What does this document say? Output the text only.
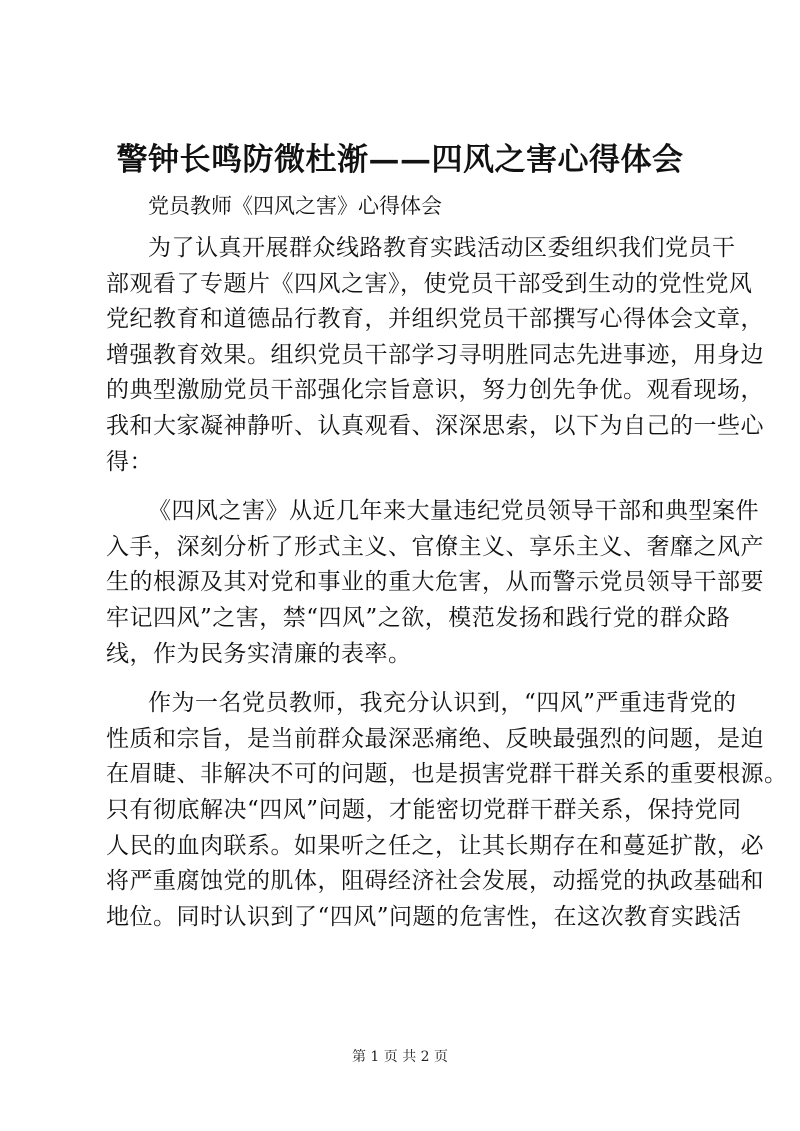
警钟长鸣防微杜渐——四风之害心得体会
党员教师《四风之害》心得体会
为了认真开展群众线路教育实践活动区委组织我们党员干
部观看了专题片《四风之害》，使党员干部受到生动的党性党风
党纪教育和道德品行教育，并组织党员干部撰写心得体会文章，
增强教育效果。组织党员干部学习寻明胜同志先进事迹，用身边
的典型激励党员干部强化宗旨意识，努力创先争优。观看现场，
我和大家凝神静听、认真观看、深深思索，以下为自己的一些心
得：
《四风之害》从近几年来大量违纪党员领导干部和典型案件
入手，深刻分析了形式主义、官僚主义、享乐主义、奢靡之风产
生的根源及其对党和事业的重大危害，从而警示党员领导干部要
牢记四风”之害，禁“四风”之欲，模范发扬和践行党的群众路
线，作为民务实清廉的表率。
作为一名党员教师，我充分认识到，“四风”严重违背党的
性质和宗旨，是当前群众最深恶痛绝、反映最强烈的问题，是迫
在眉睫、非解决不可的问题，也是损害党群干群关系的重要根源。
只有彻底解决“四风”问题，才能密切党群干群关系，保持党同
人民的血肉联系。如果听之任之，让其长期存在和蔓延扩散，必
将严重腐蚀党的肌体，阻碍经济社会发展，动摇党的执政基础和
地位。同时认识到了“四风”问题的危害性，在这次教育实践活
第 1 页 共 2 页
